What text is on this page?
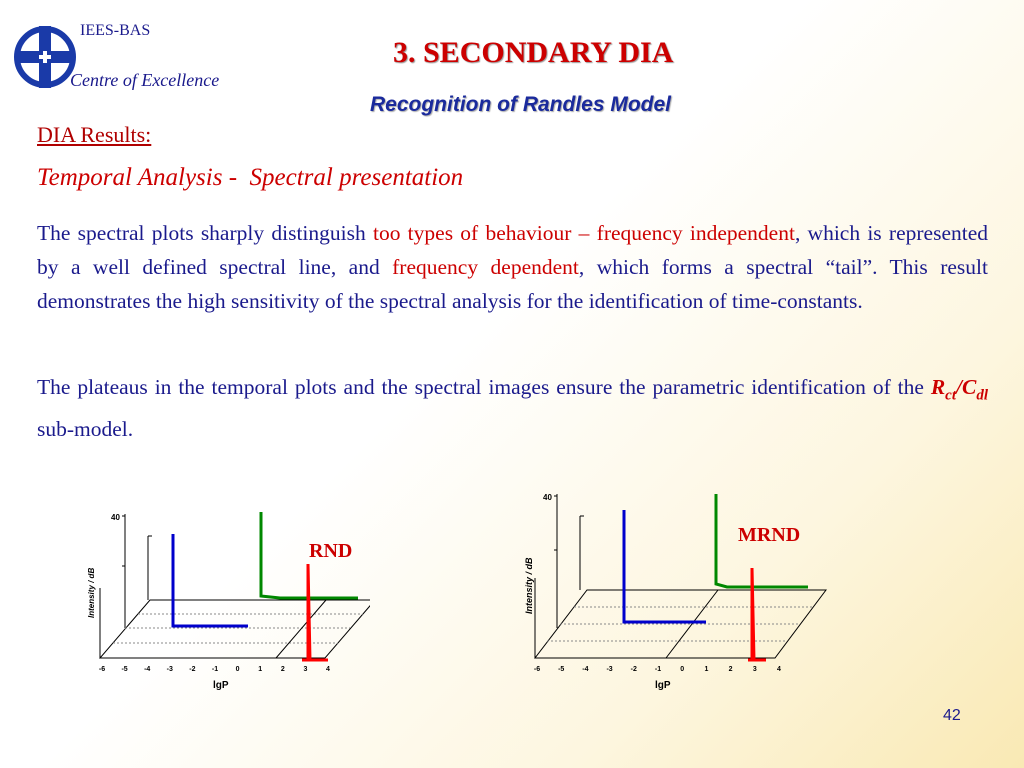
IEES-BAS
Centre of Excellence
3. SECONDARY DIA
Recognition of Randles Model
DIA Results:
Temporal Analysis - Spectral presentation
The spectral plots sharply distinguish too types of behaviour – frequency independent, which is represented by a well defined spectral line, and frequency dependent, which forms a spectral “tail”. This result demonstrates the high sensitivity of the spectral analysis for the identification of time-constants.
The plateaus in the temporal plots and the spectral images ensure the parametric identification of the $R_{ct}/C_{dl}$ sub-model.
40
Intensity / dB
-6 -5 -4 -3 -2 -1	0	1	2	3	4
lgP
RND
40
Intensity / dB
-6	-5	-4	-3	-2	-1	0	1	2	3	4
lgP
MRND
42
